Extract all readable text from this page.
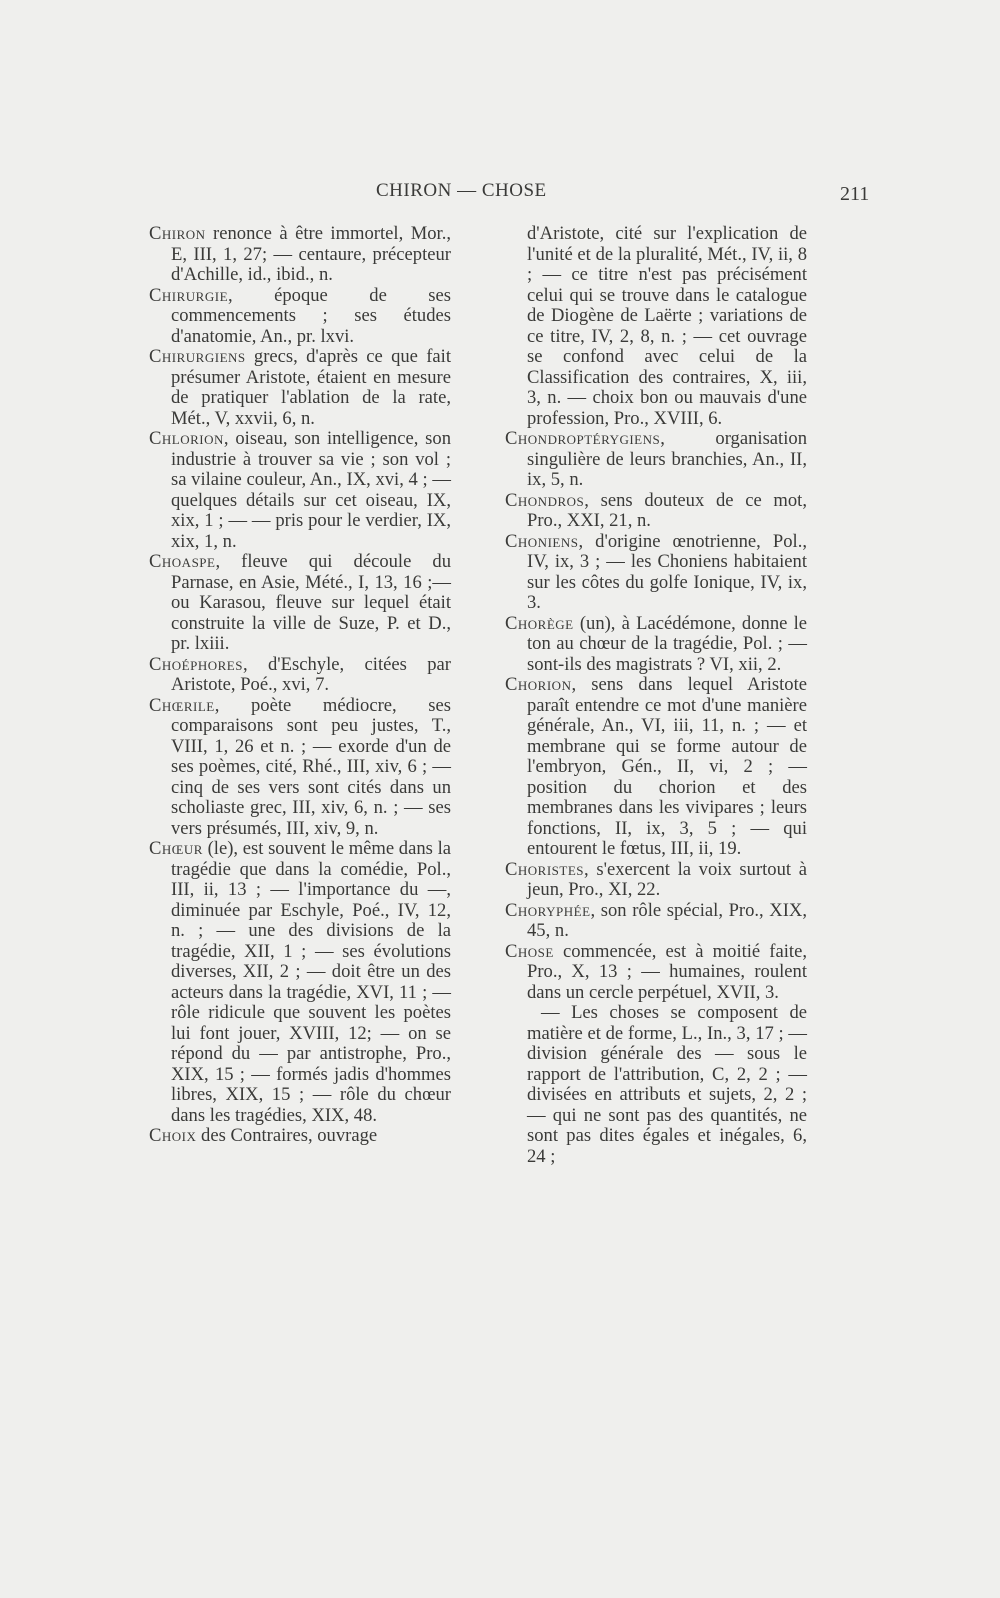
CHIRON — CHOSE	211

Chiron renonce à être immortel, Mor., E, III, 1, 27; — centaure, précepteur d'Achille, id., ibid., n.

Chirurgie, époque de ses commencements ; ses études d'anatomie, An., pr. lxvi.

Chirurgiens grecs, d'après ce que fait présumer Aristote, étaient en mesure de pratiquer l'ablation de la rate, Mét., V, xxvii, 6, n.

Chlorion, oiseau, son intelligence, son industrie à trouver sa vie ; son vol ; sa vilaine couleur, An., IX, xvi, 4 ; — quelques détails sur cet oiseau, IX, xix, 1 ; — — pris pour le verdier, IX, xix, 1, n.

Choaspe, fleuve qui découle du Parnase, en Asie, Mété., I, 13, 16 ;— ou Karasou, fleuve sur lequel était construite la ville de Suze, P. et D., pr. lxiii.

Choéphores, d'Eschyle, citées par Aristote, Poé., xvi, 7.

Chœrile, poète médiocre, ses comparaisons sont peu justes, T., VIII, 1, 26 et n. ; — exorde d'un de ses poèmes, cité, Rhé., III, xiv, 6 ; — cinq de ses vers sont cités dans un scholiaste grec, III, xiv, 6, n. ; — ses vers présumés, III, xiv, 9, n.

Chœur (le), est souvent le même dans la tragédie que dans la comédie, Pol., III, ii, 13 ; — l'importance du —, diminuée par Eschyle, Poé., IV, 12, n. ; — une des divisions de la tragédie, XII, 1 ; — ses évolutions diverses, XII, 2 ; — doit être un des acteurs dans la tragédie, XVI, 11 ; — rôle ridicule que souvent les poètes lui font jouer, XVIII, 12; — on se répond du — par antistrophe, Pro., XIX, 15 ; — formés jadis d'hommes libres, XIX, 15 ; — rôle du chœur dans les tragédies, XIX, 48.

Choix des Contraires, ouvrage

d'Aristote, cité sur l'explication de l'unité et de la pluralité, Mét., IV, ii, 8 ; — ce titre n'est pas précisément celui qui se trouve dans le catalogue de Diogène de Laërte ; variations de ce titre, IV, 2, 8, n. ; — cet ouvrage se confond avec celui de la Classification des contraires, X, iii, 3, n. — choix bon ou mauvais d'une profession, Pro., XVIII, 6.

Chondroptérygiens, organisation singulière de leurs branchies, An., II, ix, 5, n.

Chondros, sens douteux de ce mot, Pro., XXI, 21, n.

Choniens, d'origine œnotrienne, Pol., IV, ix, 3 ; — les Choniens habitaient sur les côtes du golfe Ionique, IV, ix, 3.

Chorège (un), à Lacédémone, donne le ton au chœur de la tragédie, Pol. ; — sont-ils des magistrats ? VI, xii, 2.

Chorion, sens dans lequel Aristote paraît entendre ce mot d'une manière générale, An., VI, iii, 11, n. ; — et membrane qui se forme autour de l'embryon, Gén., II, vi, 2 ; — position du chorion et des membranes dans les vivipares ; leurs fonctions, II, ix, 3, 5 ; — qui entourent le fœtus, III, ii, 19.

Choristes, s'exercent la voix surtout à jeun, Pro., XI, 22.

Choryphée, son rôle spécial, Pro., XIX, 45, n.

Chose commencée, est à moitié faite, Pro., X, 13 ; — humaines, roulent dans un cercle perpétuel, XVII, 3.

— Les choses se composent de matière et de forme, L., In., 3, 17 ; — division générale des — sous le rapport de l'attribution, C, 2, 2 ; — divisées en attributs et sujets, 2, 2 ; — qui ne sont pas des quantités, ne sont pas dites égales et inégales, 6, 24 ;
